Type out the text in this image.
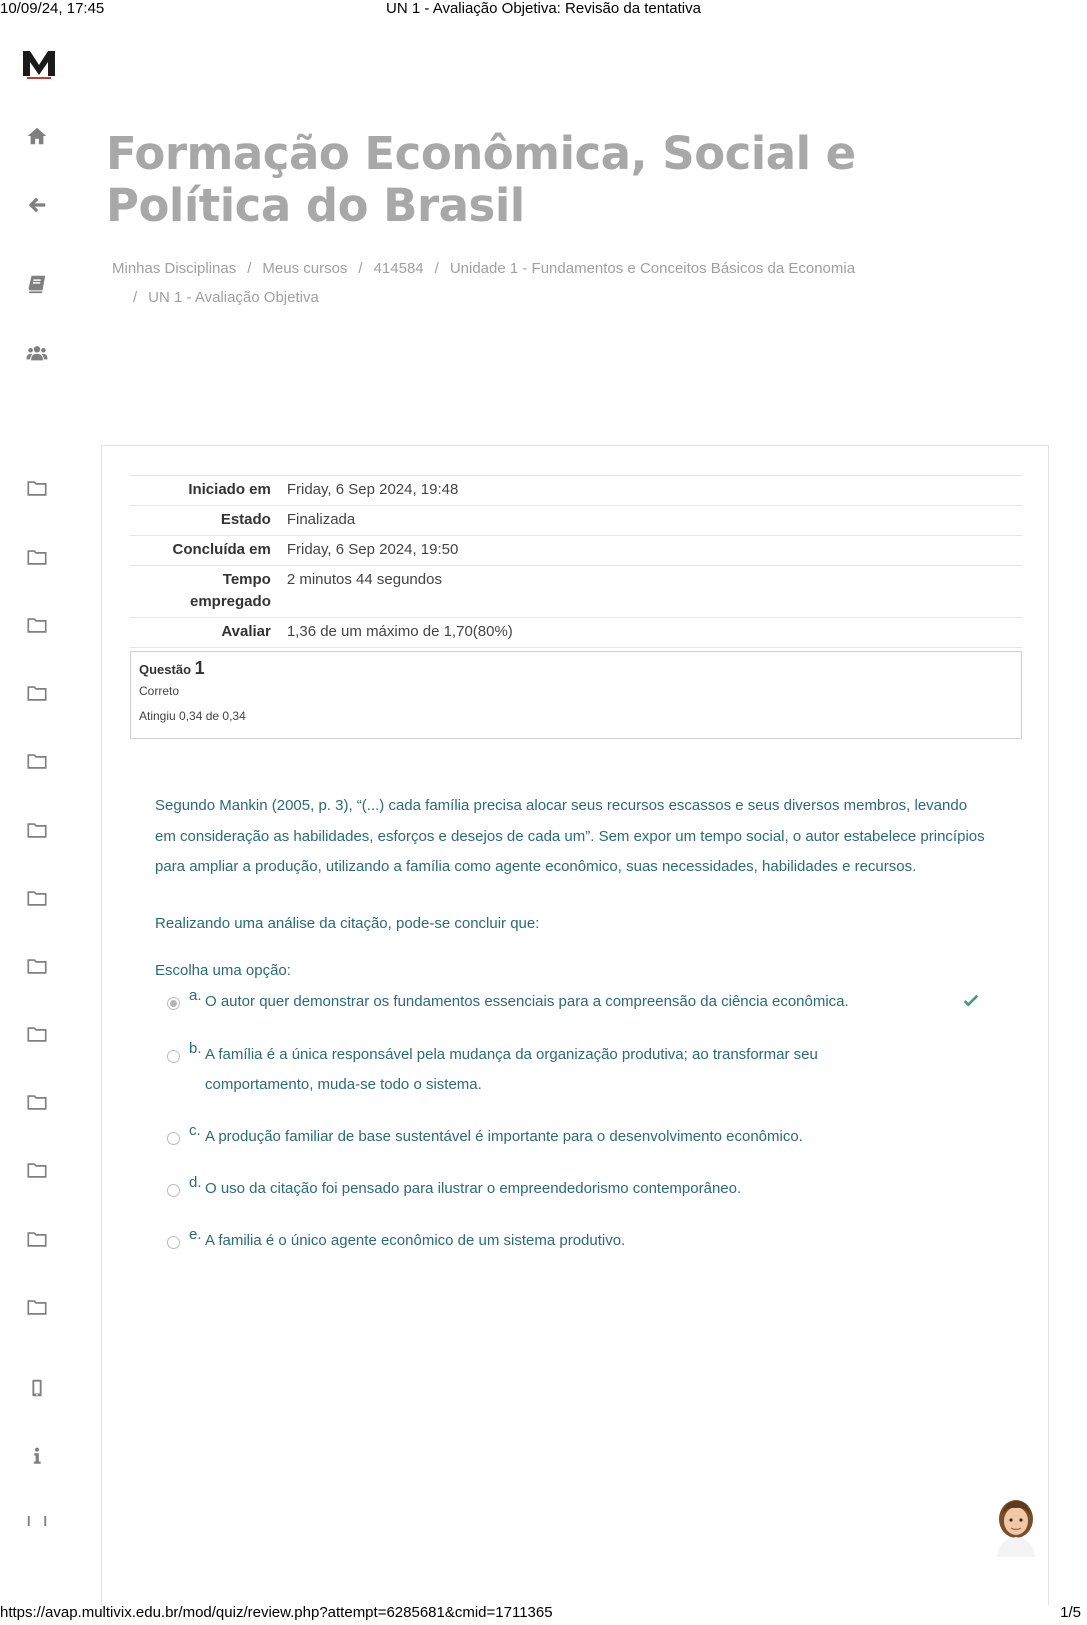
10/09/24, 17:45	UN 1 - Avaliação Objetiva: Revisão da tentativa
Formação Econômica, Social e Política do Brasil
Minhas Disciplinas / Meus cursos / 414584 / Unidade 1 - Fundamentos e Conceitos Básicos da Economia
/ UN 1 - Avaliação Objetiva
Iniciado em	Friday, 6 Sep 2024, 19:48
Estado	Finalizada
Concluída em	Friday, 6 Sep 2024, 19:50
Tempo empregado	2 minutos 44 segundos
Avaliar	1,36 de um máximo de 1,70(80%)
Questão 1
Correto
Atingiu 0,34 de 0,34

Segundo Mankin (2005, p. 3), “(...) cada família precisa alocar seus recursos escassos e seus diversos membros, levando em consideração as habilidades, esforços e desejos de cada um”. Sem expor um tempo social, o autor estabelece princípios para ampliar a produção, utilizando a família como agente econômico, suas necessidades, habilidades e recursos.

Realizando uma análise da citação, pode-se concluir que:

Escolha uma opção:

a. O autor quer demonstrar os fundamentos essenciais para a compreensão da ciência econômica.
b. A família é a única responsável pela mudança da organização produtiva; ao transformar seu comportamento, muda-se todo o sistema.
c. A produção familiar de base sustentável é importante para o desenvolvimento econômico.
d. O uso da citação foi pensado para ilustrar o empreendedorismo contemporâneo.
e. A familia é o único agente econômico de um sistema produtivo.
https://avap.multivix.edu.br/mod/quiz/review.php?attempt=6285681&cmid=1711365	1/5
